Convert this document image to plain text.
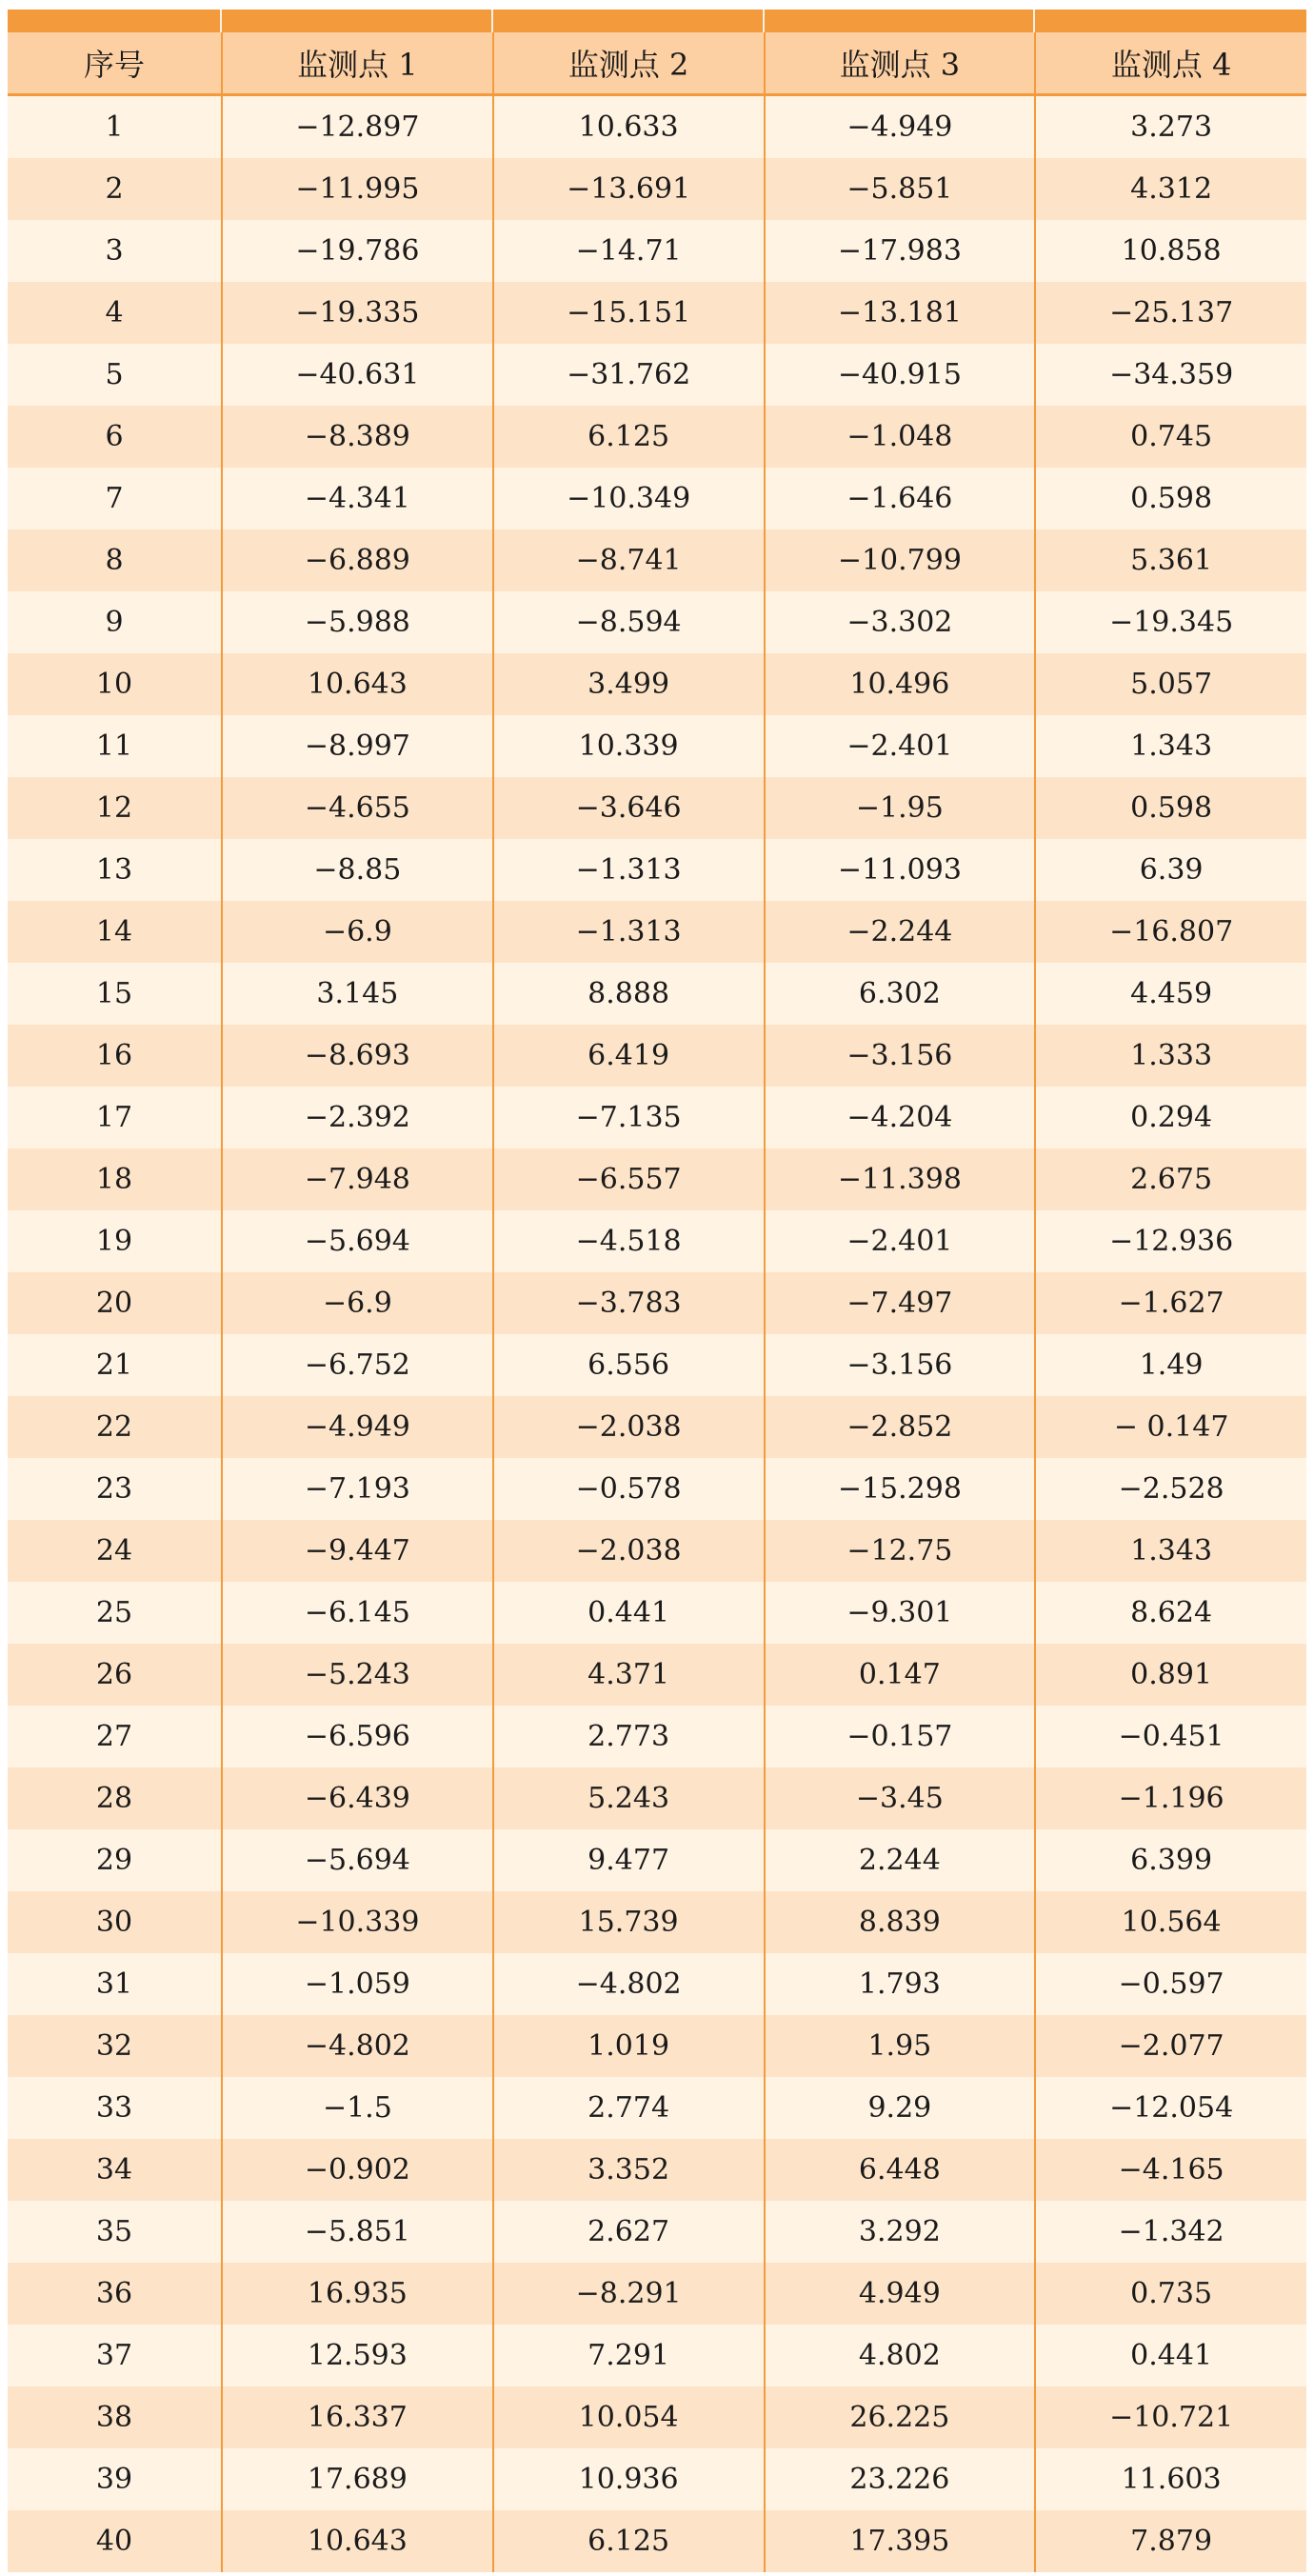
序号	监测点 1	监测点 2	监测点 3	监测点 4
1	−12.897	10.633	−4.949	3.273
2	−11.995	−13.691	−5.851	4.312
3	−19.786	−14.71	−17.983	10.858
4	−19.335	−15.151	−13.181	−25.137
5	−40.631	−31.762	−40.915	−34.359
6	−8.389	6.125	−1.048	0.745
7	−4.341	−10.349	−1.646	0.598
8	−6.889	−8.741	−10.799	5.361
9	−5.988	−8.594	−3.302	−19.345
10	10.643	3.499	10.496	5.057
11	−8.997	10.339	−2.401	1.343
12	−4.655	−3.646	−1.95	0.598
13	−8.85	−1.313	−11.093	6.39
14	−6.9	−1.313	−2.244	−16.807
15	3.145	8.888	6.302	4.459
16	−8.693	6.419	−3.156	1.333
17	−2.392	−7.135	−4.204	0.294
18	−7.948	−6.557	−11.398	2.675
19	−5.694	−4.518	−2.401	−12.936
20	−6.9	−3.783	−7.497	−1.627
21	−6.752	6.556	−3.156	1.49
22	−4.949	−2.038	−2.852	− 0.147
23	−7.193	−0.578	−15.298	−2.528
24	−9.447	−2.038	−12.75	1.343
25	−6.145	0.441	−9.301	8.624
26	−5.243	4.371	0.147	0.891
27	−6.596	2.773	−0.157	−0.451
28	−6.439	5.243	−3.45	−1.196
29	−5.694	9.477	2.244	6.399
30	−10.339	15.739	8.839	10.564
31	−1.059	−4.802	1.793	−0.597
32	−4.802	1.019	1.95	−2.077
33	−1.5	2.774	9.29	−12.054
34	−0.902	3.352	6.448	−4.165
35	−5.851	2.627	3.292	−1.342
36	16.935	−8.291	4.949	0.735
37	12.593	7.291	4.802	0.441
38	16.337	10.054	26.225	−10.721
39	17.689	10.936	23.226	11.603
40	10.643	6.125	17.395	7.879
